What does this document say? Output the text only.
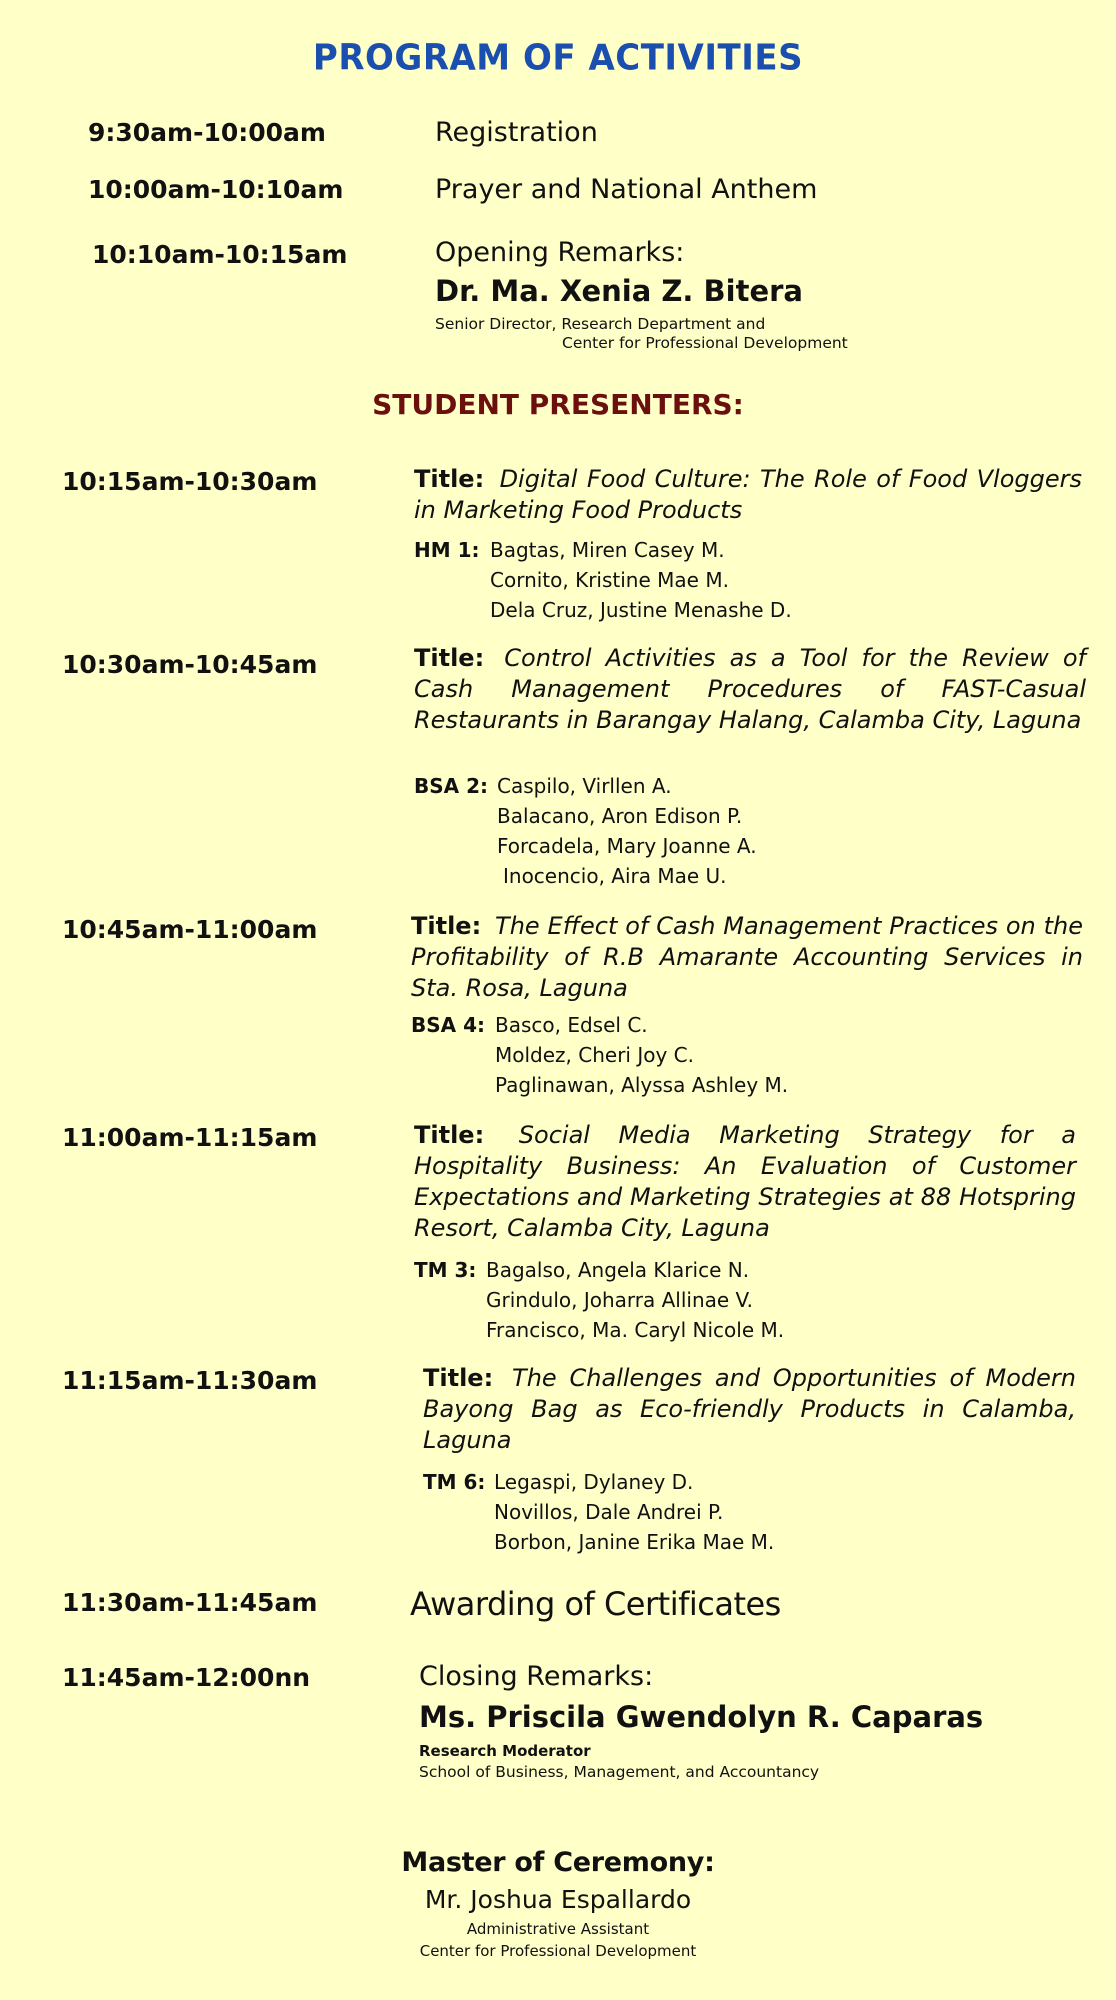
PROGRAM OF ACTIVITIES
9:30am-10:00am	Registration
10:00am-10:10am	Prayer and National Anthem
10:10am-10:15am	Opening Remarks:
Dr. Ma. Xenia Z. Bitera
Senior Director, Research Department and
Center for Professional Development
STUDENT PRESENTERS:
10:15am-10:30am	Title: Digital Food Culture: The Role of Food Vloggers in Marketing Food Products
HM 1: Bagtas, Miren Casey M.
Cornito, Kristine Mae M.
Dela Cruz, Justine Menashe D.
10:30am-10:45am	Title: Control Activities as a Tool for the Review of Cash Management Procedures of FAST-Casual Restaurants in Barangay Halang, Calamba City, Laguna
BSA 2: Caspilo, Virllen A.
Balacano, Aron Edison P.
Forcadela, Mary Joanne A.
Inocencio, Aira Mae U.
10:45am-11:00am	Title: The Effect of Cash Management Practices on the Profitability of R.B Amarante Accounting Services in Sta. Rosa, Laguna
BSA 4: Basco, Edsel C.
Moldez, Cheri Joy C.
Paglinawan, Alyssa Ashley M.
11:00am-11:15am	Title: Social Media Marketing Strategy for a Hospitality Business: An Evaluation of Customer Expectations and Marketing Strategies at 88 Hotspring Resort, Calamba City, Laguna
TM 3: Bagalso, Angela Klarice N.
Grindulo, Joharra Allinae V.
Francisco, Ma. Caryl Nicole M.
11:15am-11:30am	Title: The Challenges and Opportunities of Modern Bayong Bag as Eco-friendly Products in Calamba, Laguna
TM 6: Legaspi, Dylaney D.
Novillos, Dale Andrei P.
Borbon, Janine Erika Mae M.
11:30am-11:45am	Awarding of Certificates
11:45am-12:00nn	Closing Remarks:
Ms. Priscila Gwendolyn R. Caparas
Research Moderator
School of Business, Management, and Accountancy
Master of Ceremony:
Mr. Joshua Espallardo
Administrative Assistant
Center for Professional Development
